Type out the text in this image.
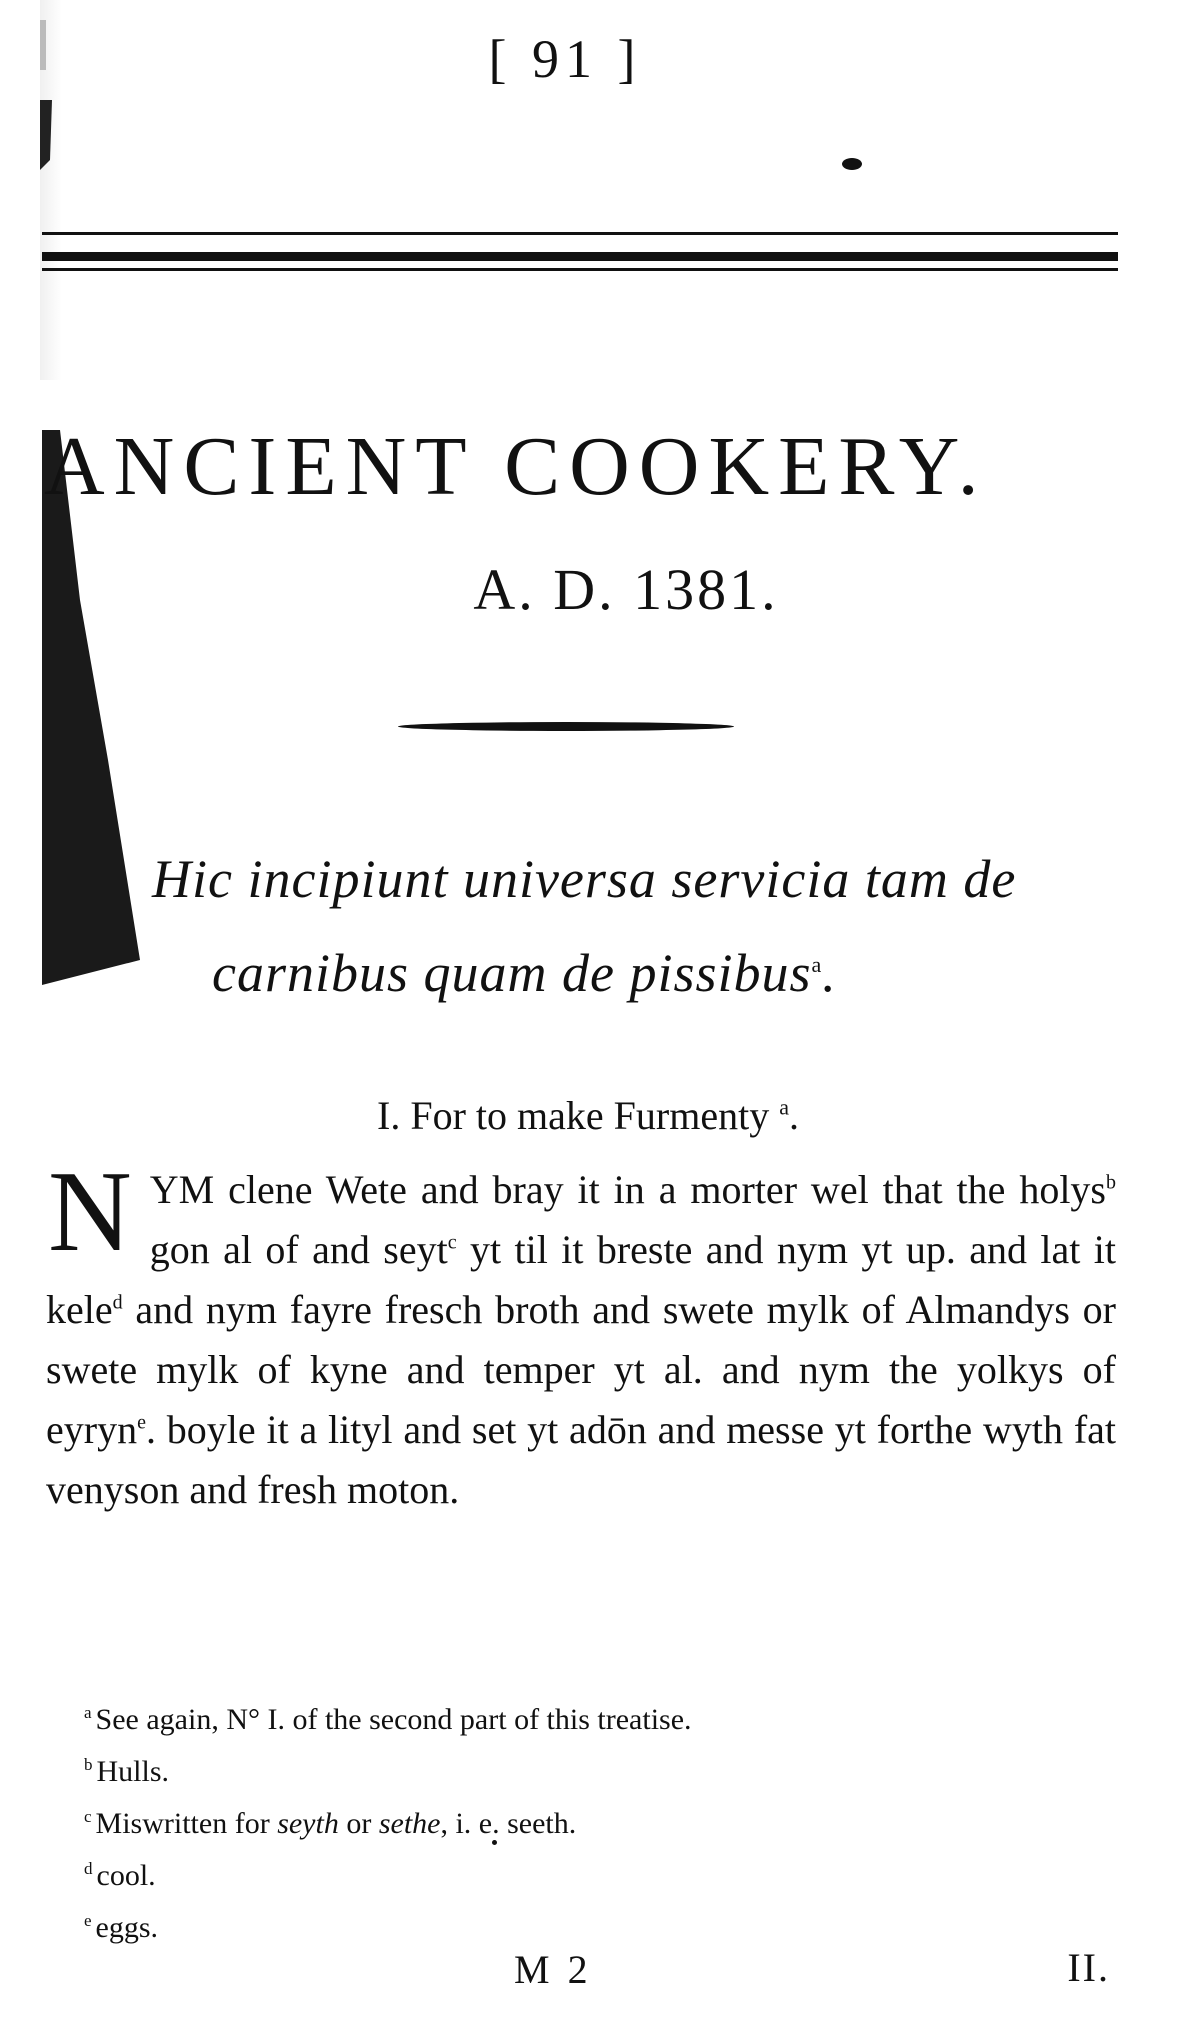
[ 91 ]
ANCIENT COOKERY.
A. D. 1381.
Hic incipiunt universa servicia tam de
carnibus quam de pissibus$^a$.
I. For to make Furmenty $^a$.
NYM clene Wete and bray it in a morter wel that the holys$^b$ gon al of and seyt$^c$ yt til it breste and nym yt up. and lat it kele$^d$ and nym fayre fresch broth and swete mylk of Almandys or swete mylk of kyne and temper yt al. and nym the yolkys of eyryn$^e$. boyle it a lityl and set yt adōn and messe yt forthe wyth fat venyson and fresh moton.
$^a$ See again, N° I. of the second part of this treatise.
$^b$ Hulls.
$^c$ Miswritten for seyth or sethe, i. e. seeth.
$^d$ cool.
$^e$ eggs.
M 2	II.
